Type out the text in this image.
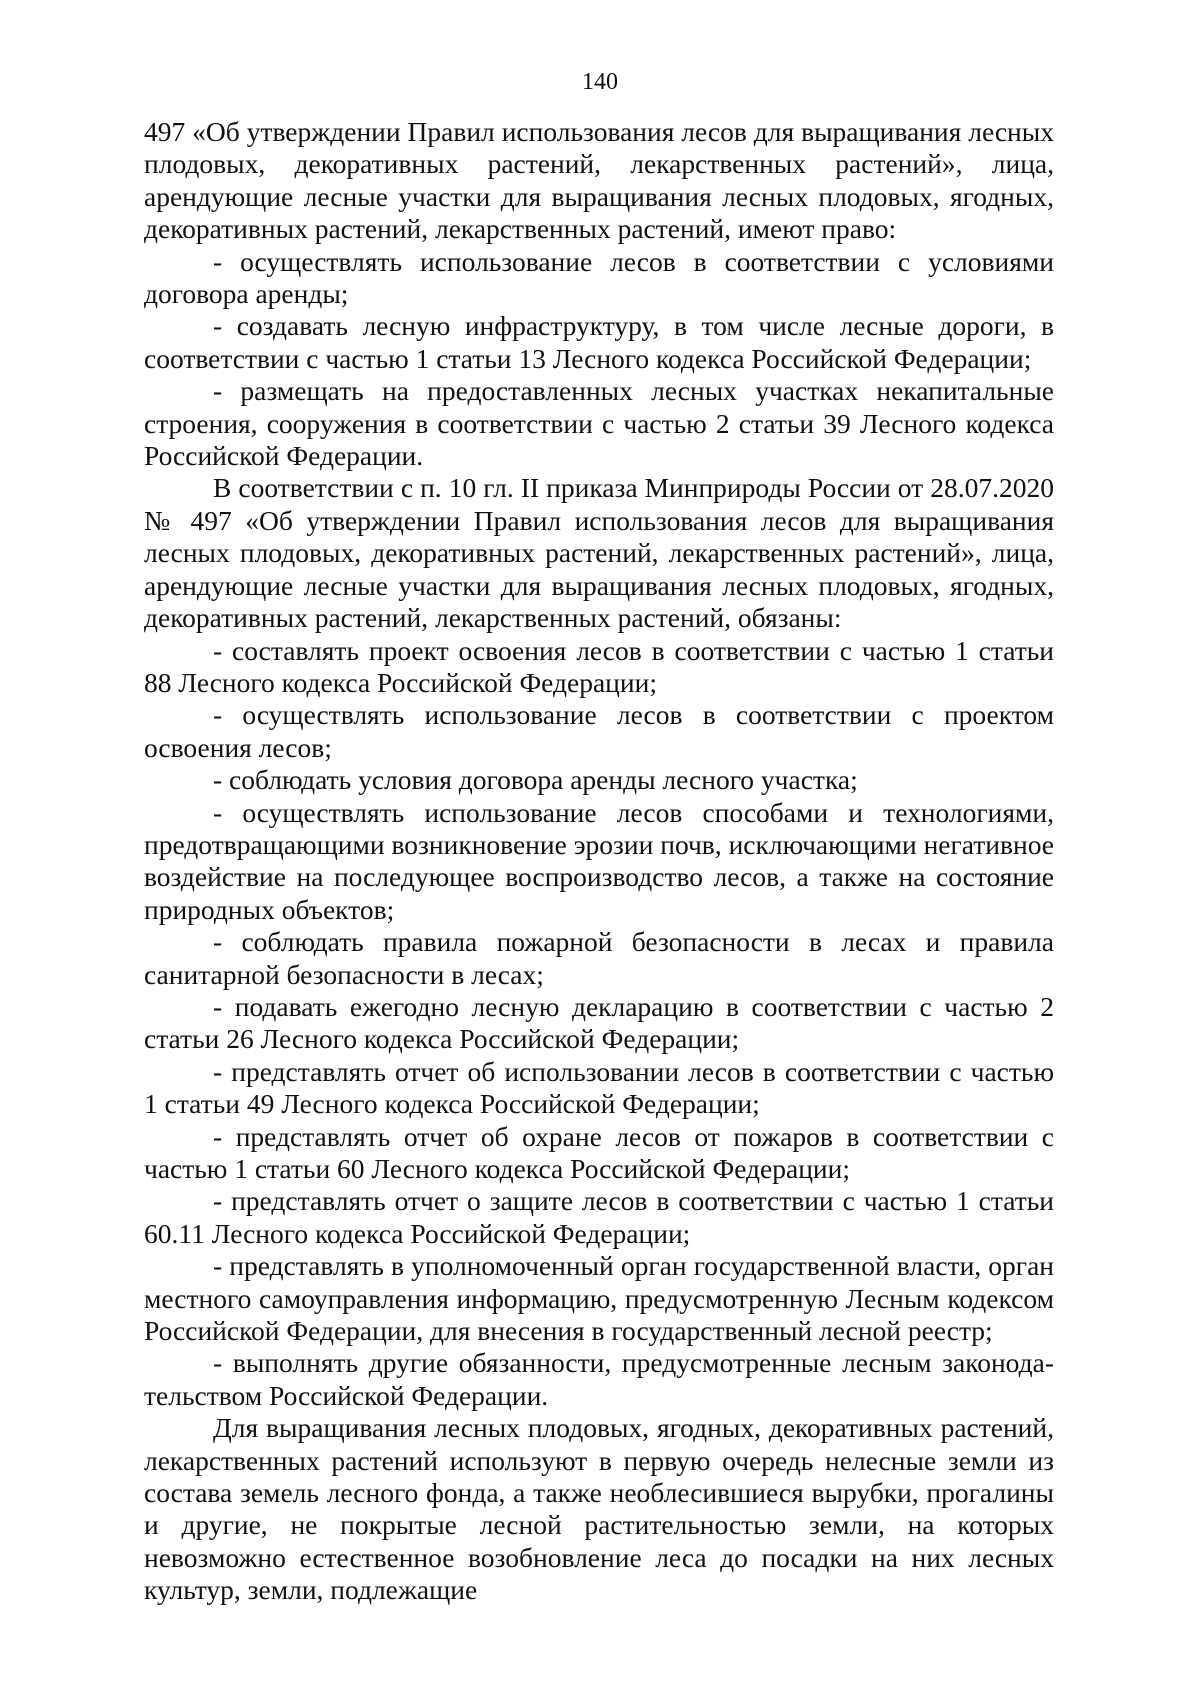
140

497 «Об утверждении Правил использования лесов для выращивания лесных плодовых, декоративных растений, лекарственных растений», лица, арендующие лесные участки для выращивания лесных плодовых, ягодных, декоративных растений, лекарственных растений, имеют право:

- осуществлять использование лесов в соответствии с условиями договора аренды;

- создавать лесную инфраструктуру, в том числе лесные дороги, в соответствии с частью 1 статьи 13 Лесного кодекса Российской Федерации;

- размещать на предоставленных лесных участках некапитальные строения, сооружения в соответствии с частью 2 статьи 39 Лесного кодекса Российской Федерации.

В соответствии с п. 10 гл. II приказа Минприроды России от 28.07.2020 № 497 «Об утверждении Правил использования лесов для выращивания лесных плодовых, декоративных растений, лекарственных растений», лица, арендующие лесные участки для выращивания лесных плодовых, ягодных, декоративных растений, лекарственных растений, обязаны:

- составлять проект освоения лесов в соответствии с частью 1 статьи 88 Лесного кодекса Российской Федерации;

- осуществлять использование лесов в соответствии с проектом освоения лесов;

- соблюдать условия договора аренды лесного участка;

- осуществлять использование лесов способами и технологиями, предотвращающими возникновение эрозии почв, исключающими негативное воздействие на последующее воспроизводство лесов, а также на состояние природных объектов;

- соблюдать правила пожарной безопасности в лесах и правила санитарной безопасности в лесах;

- подавать ежегодно лесную декларацию в соответствии с частью 2 статьи 26 Лесного кодекса Российской Федерации;

- представлять отчет об использовании лесов в соответствии с частью 1 статьи 49 Лесного кодекса Российской Федерации;

- представлять отчет об охране лесов от пожаров в соответствии с частью 1 статьи 60 Лесного кодекса Российской Федерации;

- представлять отчет о защите лесов в соответствии с частью 1 статьи 60.11 Лесного кодекса Российской Федерации;

- представлять в уполномоченный орган государственной власти, орган местного самоуправления информацию, предусмотренную Лесным кодексом Российской Федерации, для внесения в государственный лесной реестр;

- выполнять другие обязанности, предусмотренные лесным законода-тельством Российской Федерации.

Для выращивания лесных плодовых, ягодных, декоративных растений, лекарственных растений используют в первую очередь нелесные земли из состава земель лесного фонда, а также необлесившиеся вырубки, прогалины и другие, не покрытые лесной растительностью земли, на которых невозможно естественное возобновление леса до посадки на них лесных культур, земли, подлежащие
